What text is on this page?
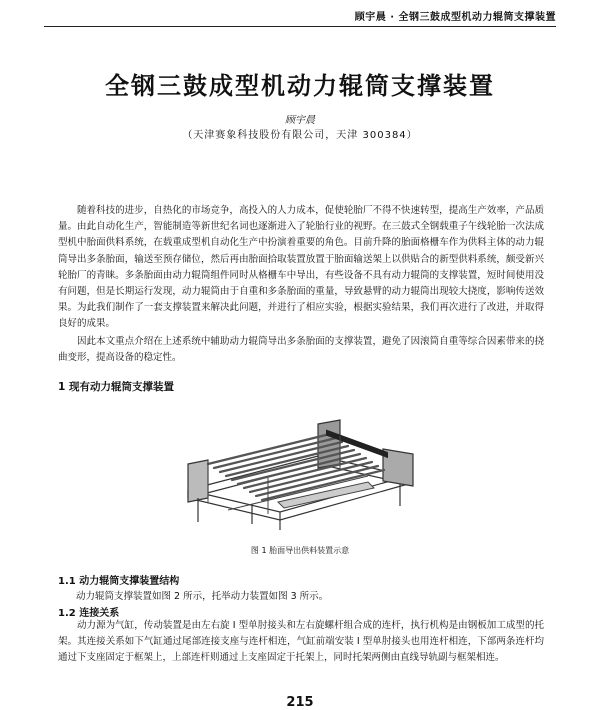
顾宇晨 · 全钢三鼓成型机动力辊筒支撑装置
全钢三鼓成型机动力辊筒支撑装置
顾宇晨
（天津赛象科技股份有限公司，天津 300384）
随着科技的进步，自热化的市场竞争，高投入的人力成本，促使轮胎厂不得不快速转型，提高生产效率，产品质量。由此自动化生产，智能制造等新世纪名词也逐渐进入了轮胎行业的视野。在三鼓式全钢载重子午线轮胎一次法成型机中胎面供料系统，在载重成型机自动化生产中扮演着重要的角色。目前升降的胎面格栅车作为供料主体的动力辊筒导出多条胎面，输送至预存储位，然后再由胎面拾取装置放置于胎面输送架上以供贴合的新型供料系统，颇受新兴轮胎厂的青睐。多条胎面由动力辊筒组件同时从格栅车中导出，有些设备不具有动力辊筒的支撑装置，短时间使用没有问题，但是长期运行发现，动力辊筒由于自重和多条胎面的重量，导致悬臂的动力辊筒出现较大挠度，影响传送效果。为此我们制作了一套支撑装置来解决此问题，并进行了相应实验，根据实验结果，我们再次进行了改进，并取得良好的成果。
因此本文重点介绍在上述系统中辅助动力辊筒导出多条胎面的支撑装置，避免了因滚筒自重等综合因素带来的挠曲变形，提高设备的稳定性。
1 现有动力辊筒支撑装置
图 1 胎面导出供料装置示意
1.1 动力辊筒支撑装置结构
动力辊筒支撑装置如图 2 所示，托举动力装置如图 3 所示。
1.2 连接关系
动力源为气缸，传动装置是由左右旋 I 型单肘接头和左右旋螺杆组合成的连杆，执行机构是由钢板加工成型的托架。其连接关系如下气缸通过尾部连接支座与连杆相连，气缸前端安装 I 型单肘接头也用连杆相连，下部两条连杆均通过下支座固定于框架上，上部连杆则通过上支座固定于托架上，同时托架两侧由直线导轨副与框架相连。
215
